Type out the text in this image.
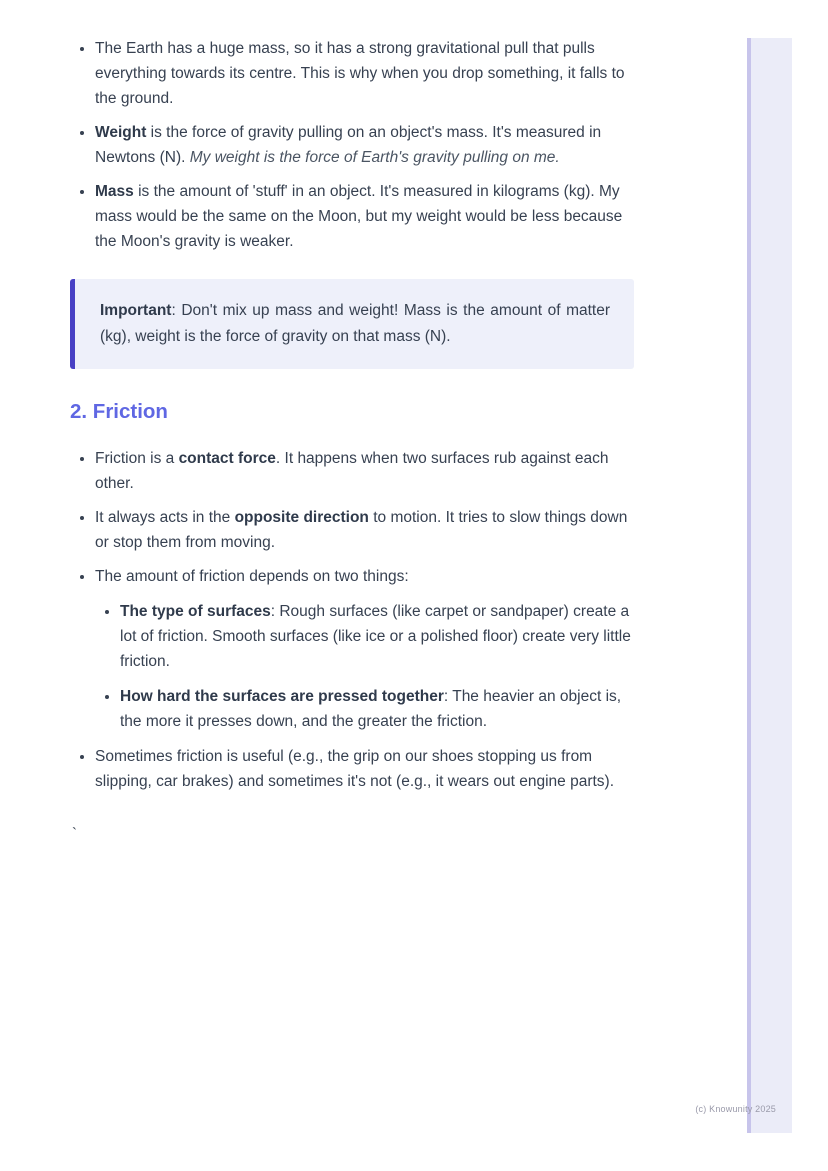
• The Earth has a huge mass, so it has a strong gravitational pull that pulls everything towards its centre. This is why when you drop something, it falls to the ground.
• Weight is the force of gravity pulling on an object's mass. It's measured in Newtons (N). My weight is the force of Earth's gravity pulling on me.
• Mass is the amount of 'stuff' in an object. It's measured in kilograms (kg). My mass would be the same on the Moon, but my weight would be less because the Moon's gravity is weaker.
Important: Don't mix up mass and weight! Mass is the amount of matter (kg), weight is the force of gravity on that mass (N).
2. Friction
• Friction is a contact force. It happens when two surfaces rub against each other.
• It always acts in the opposite direction to motion. It tries to slow things down or stop them from moving.
• The amount of friction depends on two things:
• The type of surfaces: Rough surfaces (like carpet or sandpaper) create a lot of friction. Smooth surfaces (like ice or a polished floor) create very little friction.
• How hard the surfaces are pressed together: The heavier an object is, the more it presses down, and the greater the friction.
• Sometimes friction is useful (e.g., the grip on our shoes stopping us from slipping, car brakes) and sometimes it's not (e.g., it wears out engine parts).
`
(c) Knowunity 2025
